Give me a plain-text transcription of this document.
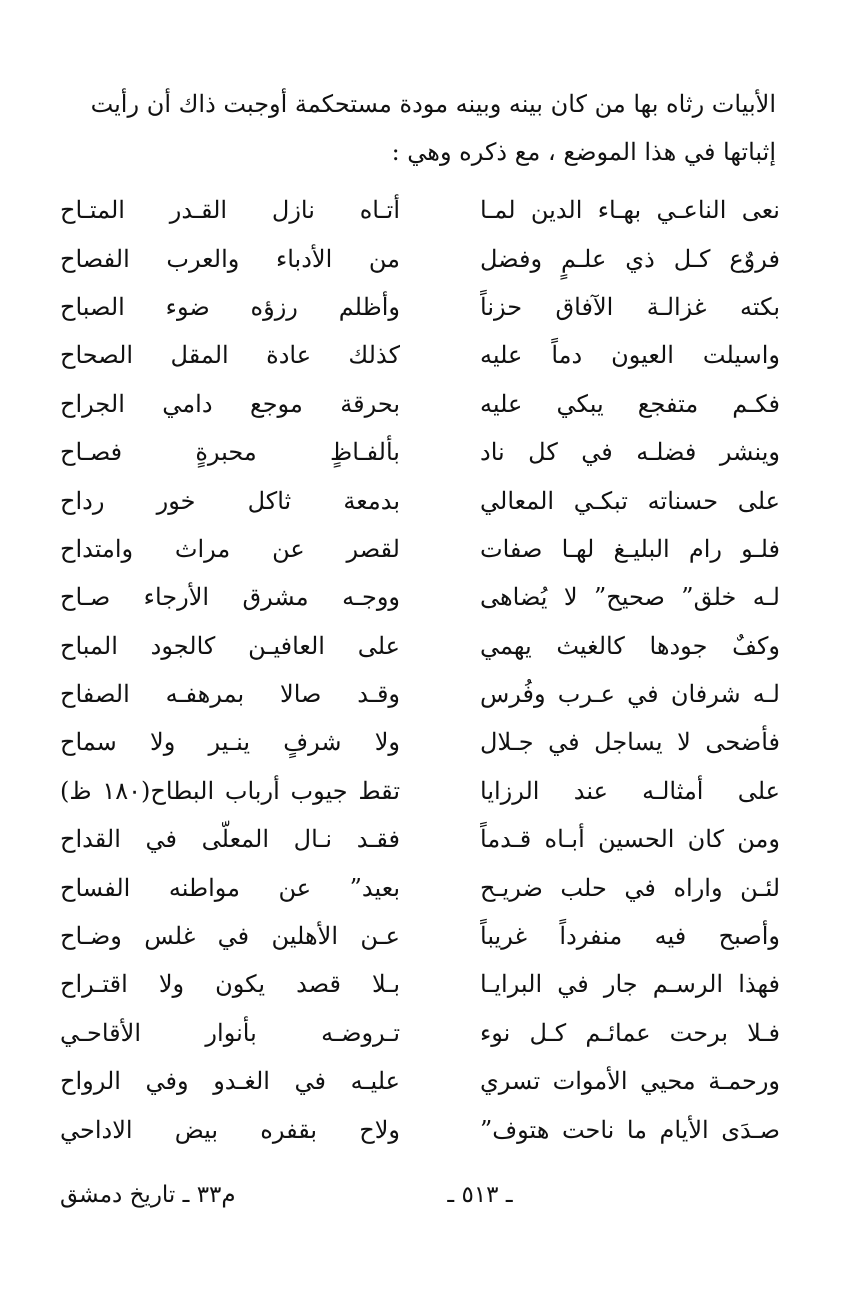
الأبيات رثاه بها من كان بينه وبينه مودة مستحكمة أوجبت ذاك أن رأيت
إثباتها في هذا الموضع ، مع ذكره وهي :
نعى الناعـي بهـاء الدين لمـا
أتـاه نازل القـدر المتـاح
فروٌع كـل ذي علـمٍ وفضل
من الأدباء والعرب الفصاح
بكته غزالـة الآفاق حزناً
وأظلم رزؤه ضوء الصباح
واسيلت العيون دماً عليه
كذلك عادة المقل الصحاح
فكـم متفجع يبكي عليه
بحرقة موجع دامي الجراح
وينشر فضلـه في كل ناد
بألفـاظٍ محبرةٍ فصـاح
على حسناته تبكـي المعالي
بدمعة ثاكل خور رداح
فلـو رام البليـغ لهـا صفات
لقصر عن مراث وامتداح
لـه خلق” صحيح” لا يُضاهى
ووجـه مشرق الأرجاء صـاح
وكفٌ جودها كالغيث يهمي
على العافيـن كالجود المباح
لـه شرفان في عـرب وفُرس
وقـد صالا بمرهفـه الصفاح
فأضحى لا يساجل في جـلال
ولا شرفٍ ينـير ولا سماح
على أمثالـه عند الرزايا
تقط جيوب أرباب البطاح(١٨٠ ظ)
ومن كان الحسين أبـاه قـدماً
فقـد نـال المعلّى في القداح
لئـن واراه في حلب ضريـح
بعيد” عن مواطنه الفساح
وأصبح فيه منفرداً غريباً
عـن الأهلين في غلس وضـاح
فهذا الرسـم جار في البرايـا
بـلا قصد يكون ولا اقتـراح
فـلا برحت عمائـم كـل نوء
تـروضـه بأنوار الأقاحـي
ورحمـة محيي الأموات تسري
عليـه في الغـدو وفي الرواح
صـدَى الأيام ما ناحت هتوف”
ولاح بقفره بيض الاداحي
ـ ٥١٣ ـ
م٣٣ ـ تاريخ دمشق
